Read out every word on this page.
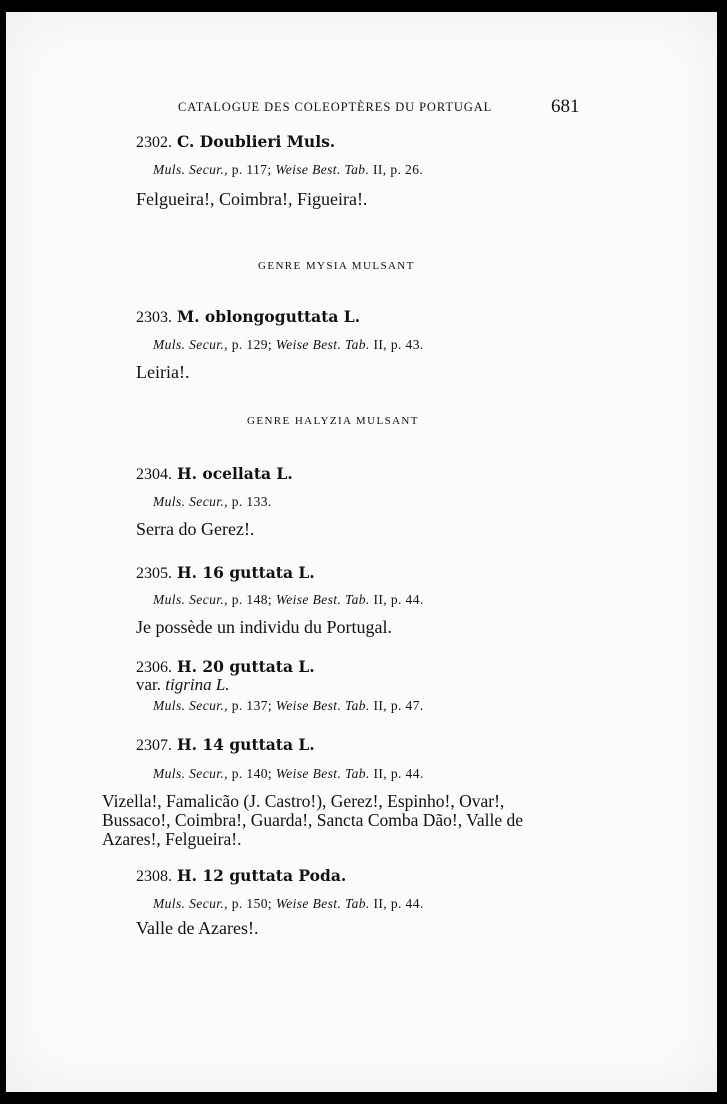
CATALOGUE DES COLEOPTÈRES DU PORTUGAL	681
2302. C. Doublieri Muls.
Muls. Secur., p. 117; Weise Best. Tab. II, p. 26.
Felgueira!, Coimbra!, Figueira!.
GENRE MYSIA MULSANT
2303. M. oblongoguttata L.
Muls. Secur., p. 129; Weise Best. Tab. II, p. 43.
Leiria!.
GENRE HALYZIA MULSANT
2304. H. ocellata L.
Muls. Secur., p. 133.
Serra do Gerez!.
2305. H. 16 guttata L.
Muls. Secur., p. 148; Weise Best. Tab. II, p. 44.
Je possède un individu du Portugal.
2306. H. 20 guttata L.
var. tigrina L.
Muls. Secur., p. 137; Weise Best. Tab. II, p. 47.
2307. H. 14 guttata L.
Muls. Secur., p. 140; Weise Best. Tab. II, p. 44.
Vizella!, Famalicão (J. Castro!), Gerez!, Espinho!, Ovar!,
Bussaco!, Coimbra!, Guarda!, Sancta Comba Dão!, Valle de
Azares!, Felgueira!.
2308. H. 12 guttata Poda.
Muls. Secur., p. 150; Weise Best. Tab. II, p. 44.
Valle de Azares!.
